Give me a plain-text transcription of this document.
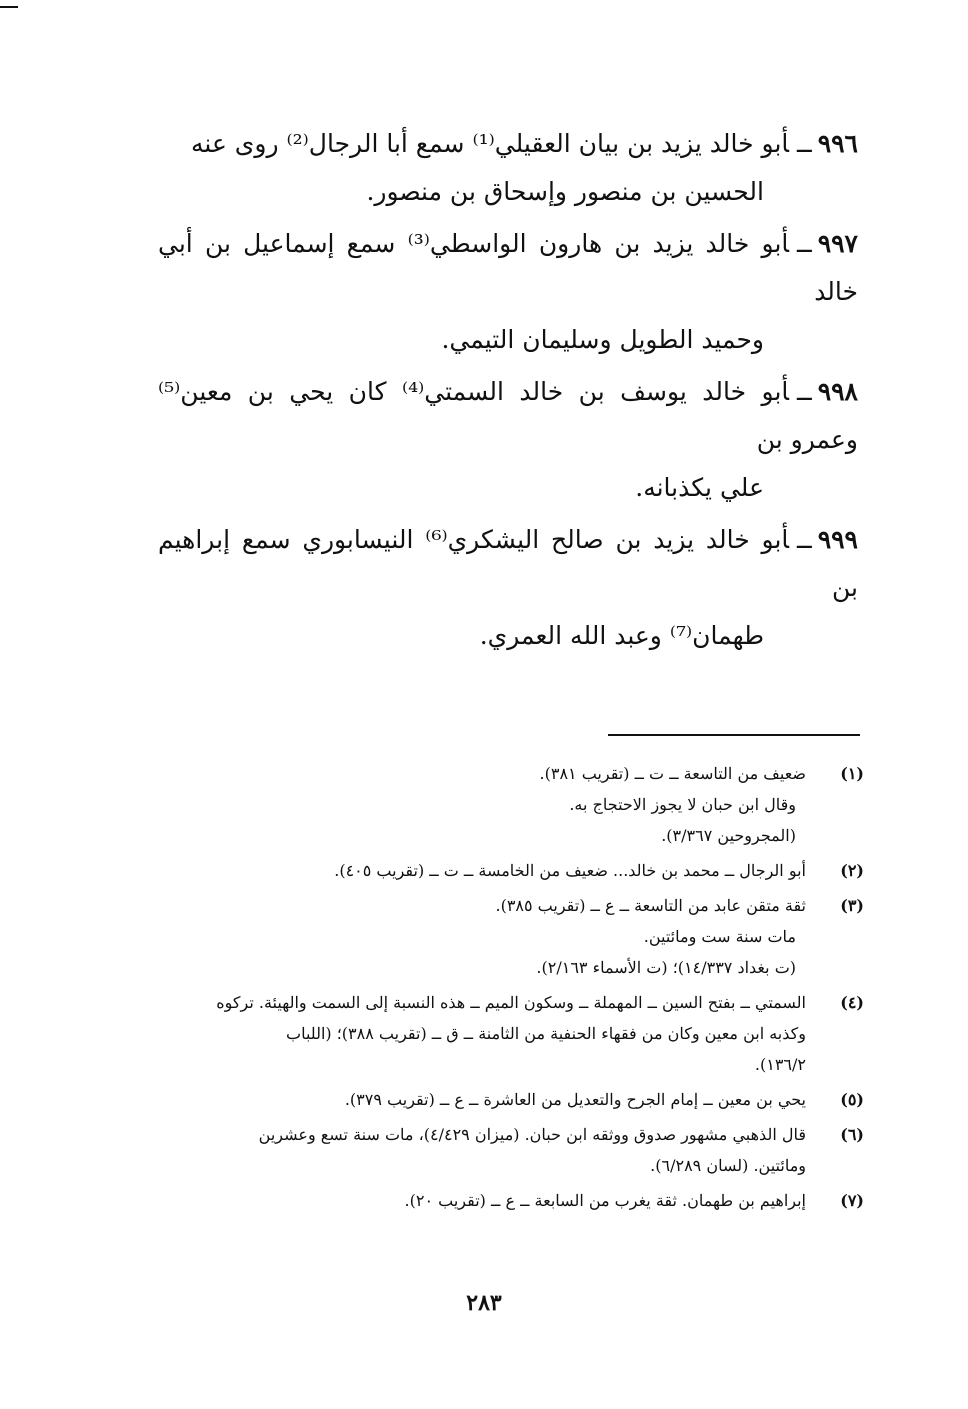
٩٩٦ــأبو خالد يزيد بن بيان العقيلي⁽¹⁾ سمع أبا الرجال⁽²⁾ روى عنه
الحسين بن منصور وإسحاق بن منصور.

٩٩٧ــأبو خالد يزيد بن هارون الواسطي⁽³⁾ سمع إسماعيل بن أبي خالد
وحميد الطويل وسليمان التيمي.

٩٩٨ــأبو خالد يوسف بن خالد السمتي⁽⁴⁾ كان يحي بن معين⁽⁵⁾ وعمرو بن
علي يكذبانه.

٩٩٩ــأبو خالد يزيد بن صالح اليشكري⁽⁶⁾ النيسابوري سمع إبراهيم بن
طهمان⁽⁷⁾ وعبد الله العمري.

(١)
ضعيف من التاسعة ــ ت ــ (تقريب ٣٨١).
وقال ابن حبان لا يجوز الاحتجاج به.
(المجروحين ٣/٣٦٧).
(٢)
أبو الرجال ــ محمد بن خالد... ضعيف من الخامسة ــ ت ــ (تقريب ٤٠٥).
(٣)
ثقة متقن عابد من التاسعة ــ ع ــ (تقريب ٣٨٥).
مات سنة ست ومائتين.
(ت بغداد ١٤/٣٣٧)؛ (ت الأسماء ٢/١٦٣).
(٤)
السمتي ــ بفتح السين ــ المهملة ــ وسكون الميم ــ هذه النسبة إلى السمت والهيئة. تركوه
وكذبه ابن معين وكان من فقهاء الحنفية من الثامنة ــ ق ــ (تقريب ٣٨٨)؛ (اللباب
١٣٦/٢).
(٥)
يحي بن معين ــ إمام الجرح والتعديل من العاشرة ــ ع ــ (تقريب ٣٧٩).
(٦)
قال الذهبي مشهور صدوق ووثقه ابن حبان. (ميزان ٤/٤٢٩)، مات سنة تسع وعشرين
ومائتين. (لسان ٦/٢٨٩).
(٧)
إبراهيم بن طهمان. ثقة يغرب من السابعة ــ ع ــ (تقريب ٢٠).
٢٨٣
